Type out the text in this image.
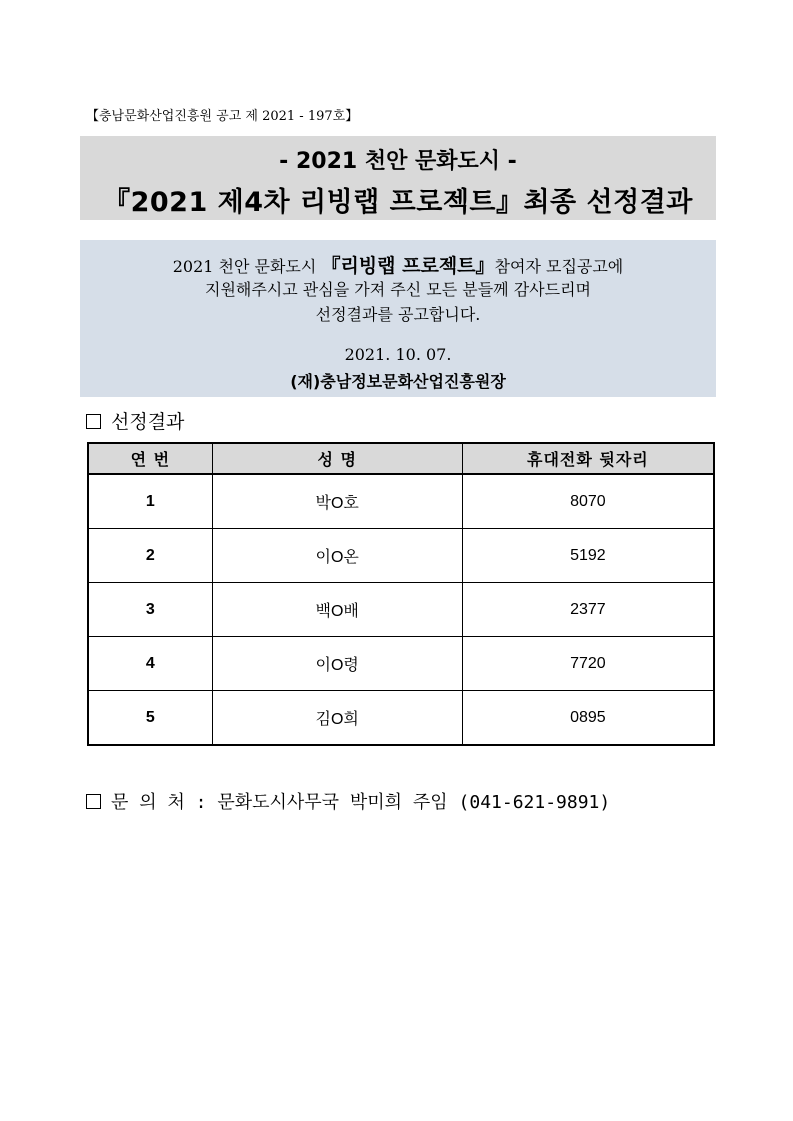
【충남문화산업진흥원 공고 제 2021 - 197호】
- 2021 천안 문화도시 -
『2021 제4차 리빙랩 프로젝트』최종 선정결과
2021 천안 문화도시 『리빙랩 프로젝트』참여자 모집공고에
지원해주시고 관심을 가져 주신 모든 분들께 감사드리며
선정결과를 공고합니다.
2021. 10. 07.
(재)충남정보문화산업진흥원장
선정결과
연 번	성 명	휴대전화 뒷자리
1	박O호	8070
2	이O온	5192
3	백O배	2377
4	이O령	7720
5	김O희	0895
문 의 처 : 문화도시사무국 박미희 주임 (041-621-9891)
